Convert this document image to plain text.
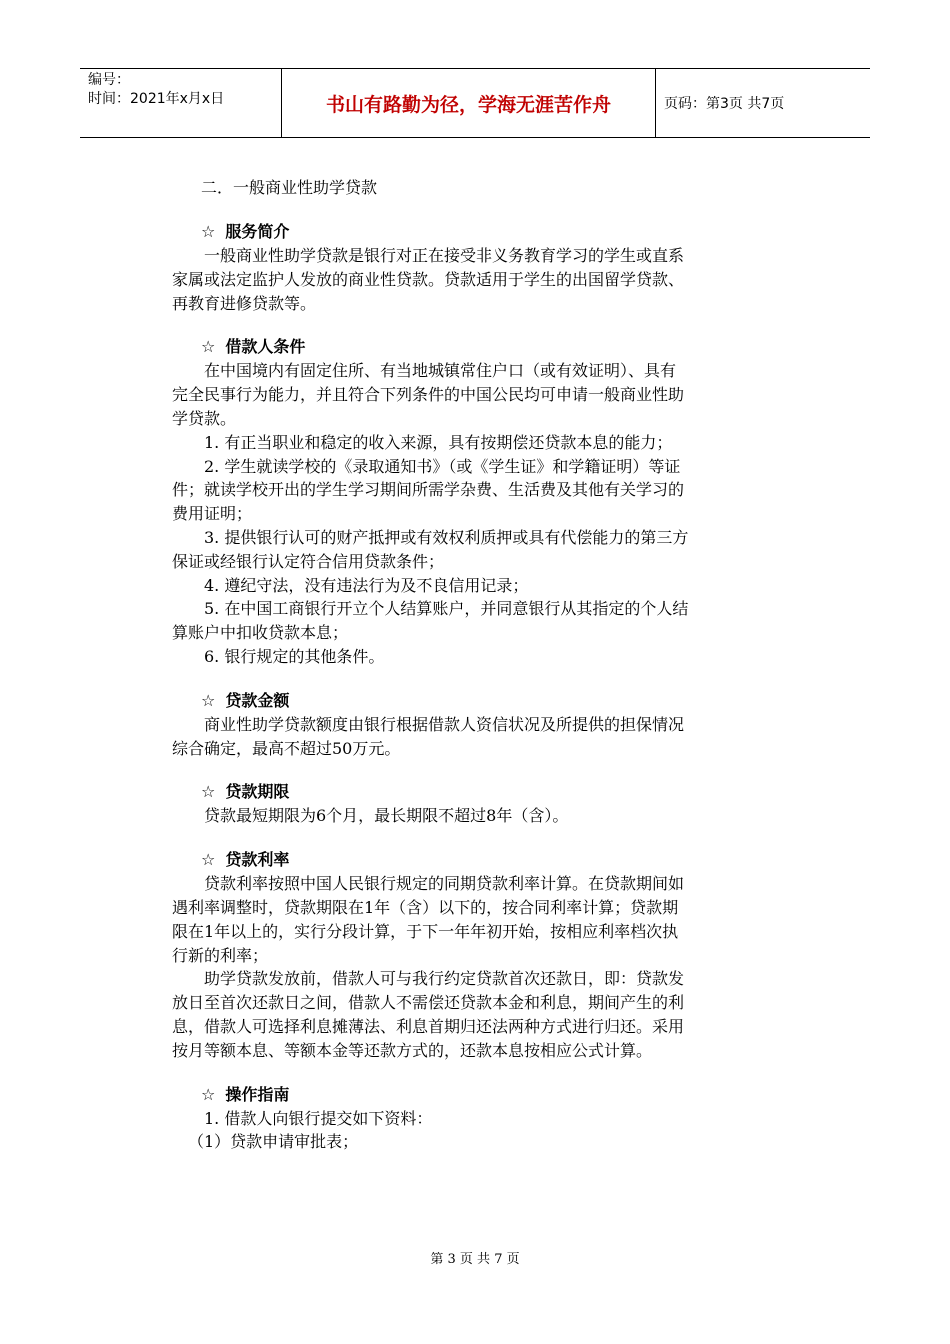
编号：
时间：2021年x月x日	书山有路勤为径，学海无涯苦作舟	页码：第3页 共7页

二．一般商业性助学贷款

☆ 服务简介

一般商业性助学贷款是银行对正在接受非义务教育学习的学生或直系

家属或法定监护人发放的商业性贷款。贷款适用于学生的出国留学贷款、

再教育进修贷款等。

☆ 借款人条件

在中国境内有固定住所、有当地城镇常住户口（或有效证明）、具有

完全民事行为能力，并且符合下列条件的中国公民均可申请一般商业性助

学贷款。

1. 有正当职业和稳定的收入来源，具有按期偿还贷款本息的能力；

2. 学生就读学校的《录取通知书》（或《学生证》和学籍证明）等证

件；就读学校开出的学生学习期间所需学杂费、生活费及其他有关学习的

费用证明；

3. 提供银行认可的财产抵押或有效权利质押或具有代偿能力的第三方

保证或经银行认定符合信用贷款条件；

4. 遵纪守法，没有违法行为及不良信用记录；

5. 在中国工商银行开立个人结算账户，并同意银行从其指定的个人结

算账户中扣收贷款本息；

6. 银行规定的其他条件。

☆ 贷款金额

商业性助学贷款额度由银行根据借款人资信状况及所提供的担保情况

综合确定，最高不超过50万元。

☆ 贷款期限

贷款最短期限为6个月，最长期限不超过8年（含）。

☆ 贷款利率

贷款利率按照中国人民银行规定的同期贷款利率计算。在贷款期间如

遇利率调整时，贷款期限在1年（含）以下的，按合同利率计算；贷款期

限在1年以上的，实行分段计算，于下一年年初开始，按相应利率档次执

行新的利率；

助学贷款发放前，借款人可与我行约定贷款首次还款日，即：贷款发

放日至首次还款日之间，借款人不需偿还贷款本金和利息，期间产生的利

息，借款人可选择利息摊薄法、利息首期归还法两种方式进行归还。采用

按月等额本息、等额本金等还款方式的，还款本息按相应公式计算。

☆ 操作指南

1. 借款人向银行提交如下资料：

（1）贷款申请审批表；

第 3 页 共 7 页
